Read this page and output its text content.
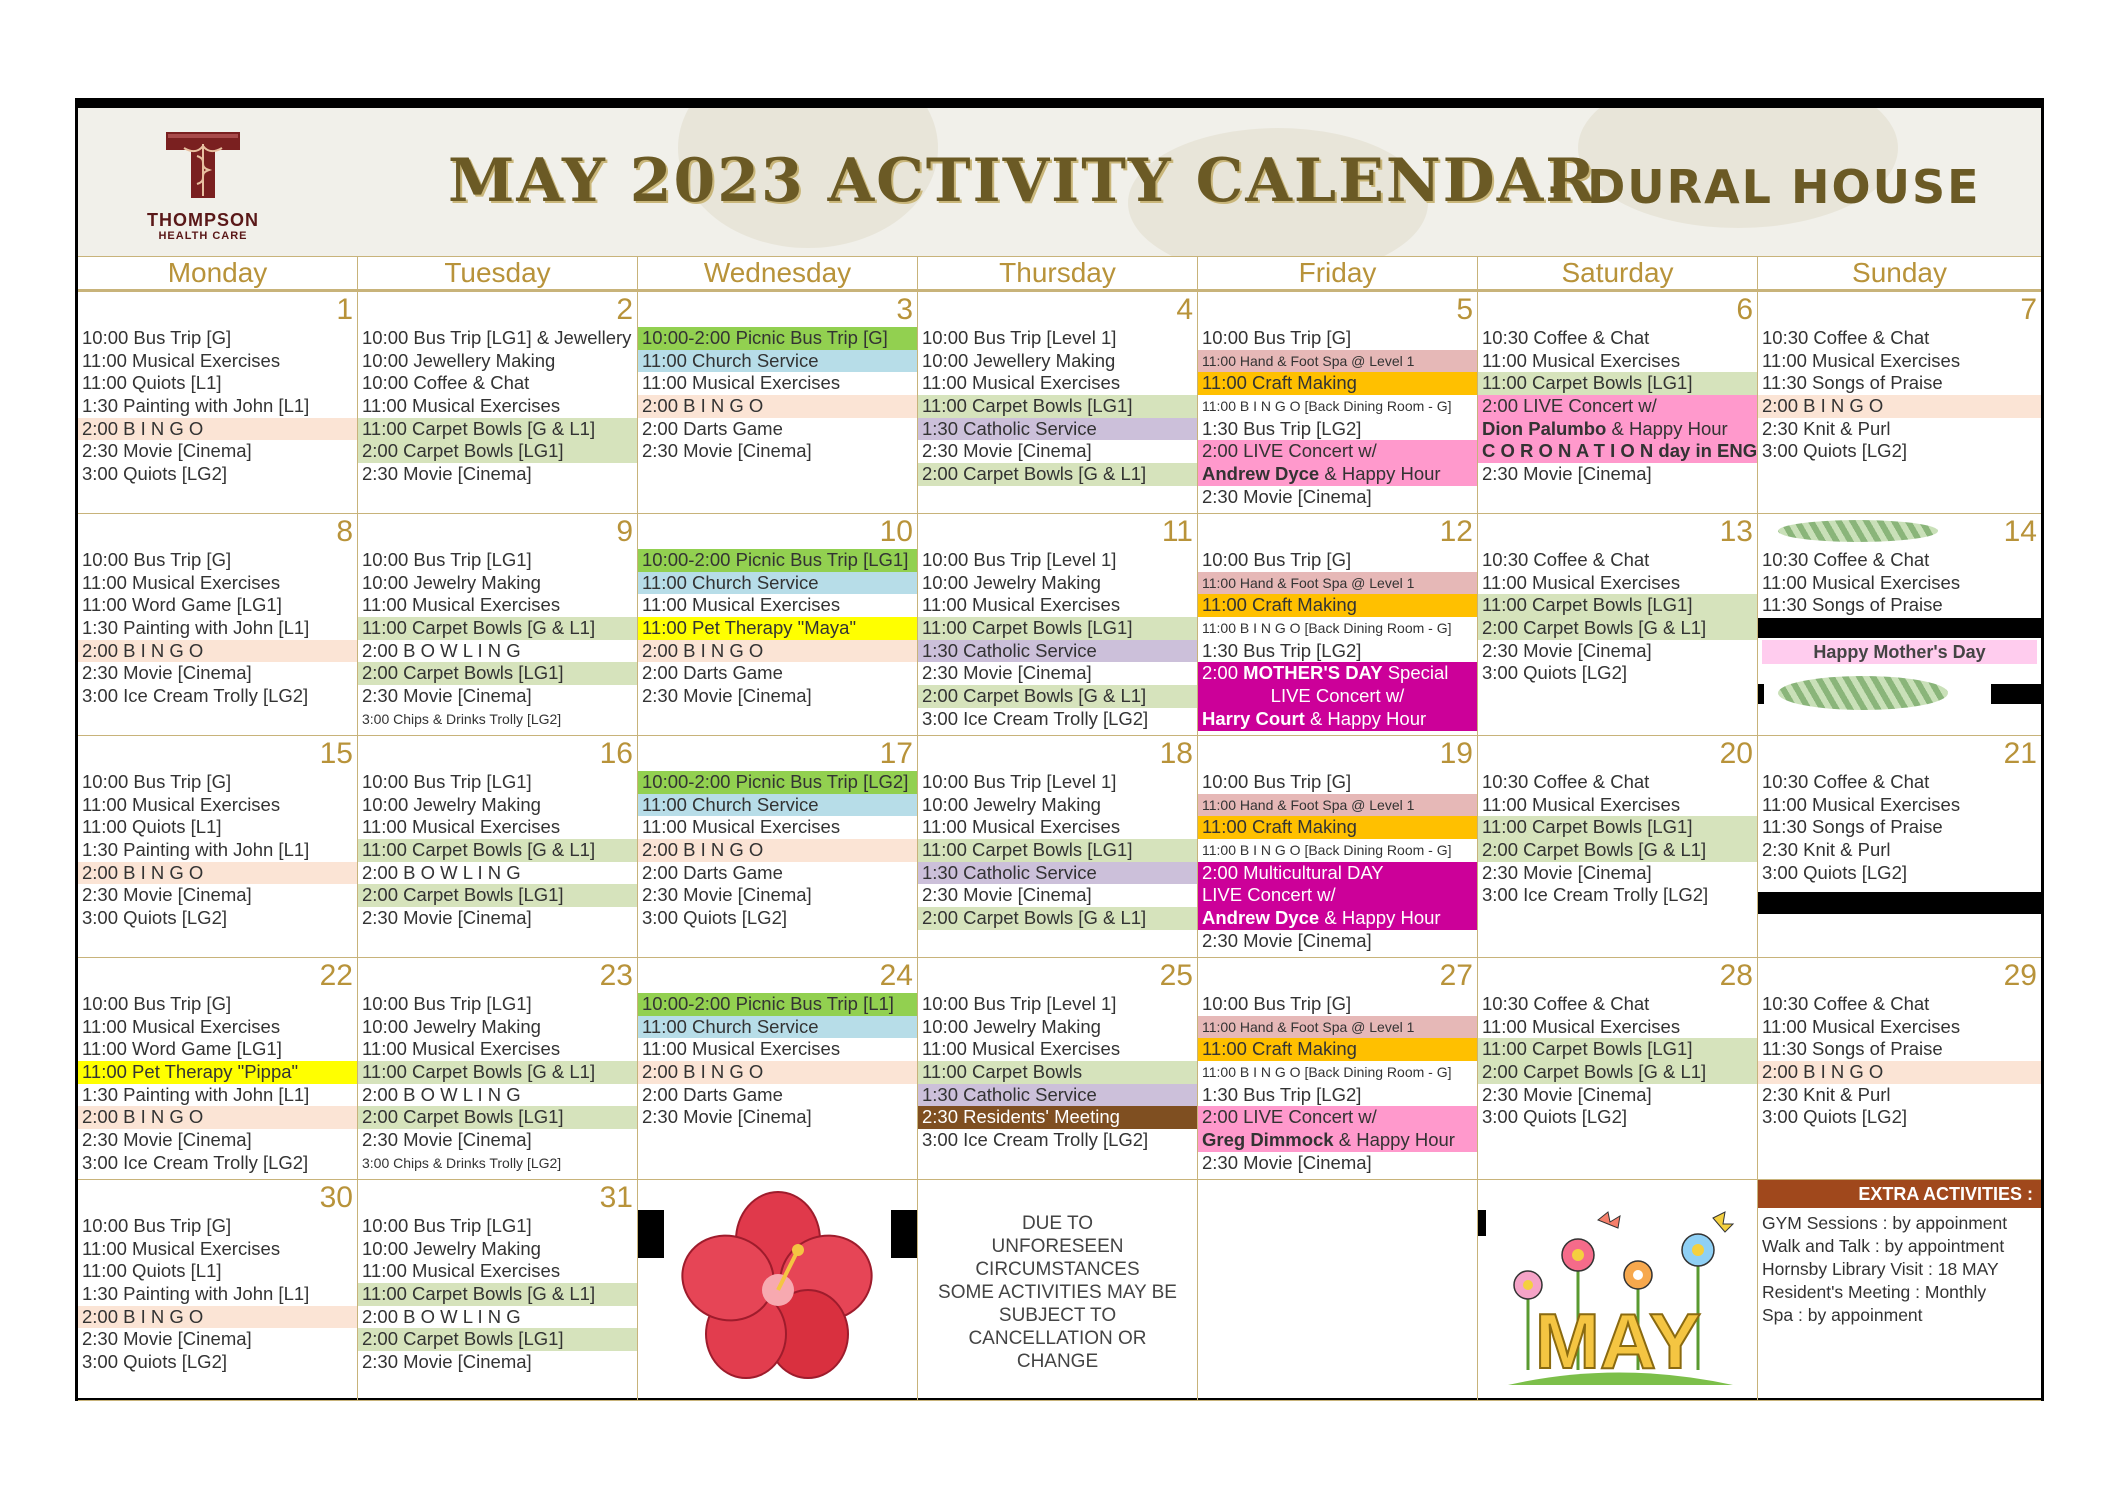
THOMPSON
HEALTH CARE
MAY 2023 ACTIVITY CALENDAR
- DURAL HOUSE
Monday	Tuesday	Wednesday	Thursday	Friday	Saturday	Sunday
1
10:00 Bus Trip [G]
11:00 Musical Exercises
11:00 Quiots [L1]
1:30 Painting with John [L1]
2:00 B I N G O
2:30 Movie [Cinema]
3:00 Quiots [LG2]
2
10:00 Bus Trip [LG1] & Jewellery
10:00 Jewellery Making
10:00 Coffee & Chat
11:00 Musical Exercises
11:00 Carpet Bowls [G & L1]
2:00 Carpet Bowls [LG1]
2:30 Movie [Cinema]
3
10:00-2:00 Picnic Bus Trip [G]
11:00 Church Service
11:00 Musical Exercises
2:00 B I N G O
2:00 Darts Game
2:30 Movie [Cinema]
4
10:00 Bus Trip [Level 1]
10:00 Jewellery Making
11:00 Musical Exercises
11:00 Carpet Bowls [LG1]
1:30 Catholic Service
2:30 Movie [Cinema]
2:00 Carpet Bowls [G & L1]
5
10:00 Bus Trip [G]
11:00 Hand & Foot Spa @ Level 1
11:00 Craft Making
11:00 B I N G O [Back Dining Room - G]
1:30 Bus Trip [LG2]
2:00 LIVE Concert w/
Andrew Dyce & Happy Hour
2:30 Movie [Cinema]
6
10:30 Coffee & Chat
11:00 Musical Exercises
11:00 Carpet Bowls [LG1]
2:00 LIVE Concert w/
Dion Palumbo & Happy Hour
C O R O N A T I O N day in ENG
2:30 Movie [Cinema]
7
10:30 Coffee & Chat
11:00 Musical Exercises
11:30 Songs of Praise
2:00 B I N G O
2:30 Knit & Purl
3:00 Quiots [LG2]
8
10:00 Bus Trip [G]
11:00 Musical Exercises
11:00 Word Game [LG1]
1:30 Painting with John [L1]
2:00 B I N G O
2:30 Movie [Cinema]
3:00 Ice Cream Trolly [LG2]
9
10:00 Bus Trip [LG1]
10:00 Jewelry Making
11:00 Musical Exercises
11:00 Carpet Bowls [G & L1]
2:00 B O W L I N G
2:00 Carpet Bowls [LG1]
2:30 Movie [Cinema]
3:00 Chips & Drinks Trolly [LG2]
10
10:00-2:00 Picnic Bus Trip [LG1]
11:00 Church Service
11:00 Musical Exercises
11:00 Pet Therapy "Maya"
2:00 B I N G O
2:00 Darts Game
2:30 Movie [Cinema]
11
10:00 Bus Trip [Level 1]
10:00 Jewelry Making
11:00 Musical Exercises
11:00 Carpet Bowls [LG1]
1:30 Catholic Service
2:30 Movie [Cinema]
2:00 Carpet Bowls [G & L1]
3:00 Ice Cream Trolly [LG2]
12
10:00 Bus Trip [G]
11:00 Hand & Foot Spa @ Level 1
11:00 Craft Making
11:00 B I N G O [Back Dining Room - G]
1:30 Bus Trip [LG2]
2:00 MOTHER'S DAY Special
LIVE Concert w/
Harry Court & Happy Hour
13
10:30 Coffee & Chat
11:00 Musical Exercises
11:00 Carpet Bowls [LG1]
2:00 Carpet Bowls [G & L1]
2:30 Movie [Cinema]
3:00 Quiots [LG2]
14
10:30 Coffee & Chat
11:00 Musical Exercises
11:30 Songs of Praise
Happy Mother's Day
15
10:00 Bus Trip [G]
11:00 Musical Exercises
11:00 Quiots [L1]
1:30 Painting with John [L1]
2:00 B I N G O
2:30 Movie [Cinema]
3:00 Quiots [LG2]
16
10:00 Bus Trip [LG1]
10:00 Jewelry Making
11:00 Musical Exercises
11:00 Carpet Bowls [G & L1]
2:00 B O W L I N G
2:00 Carpet Bowls [LG1]
2:30 Movie [Cinema]
17
10:00-2:00 Picnic Bus Trip [LG2]
11:00 Church Service
11:00 Musical Exercises
2:00 B I N G O
2:00 Darts Game
2:30 Movie [Cinema]
3:00 Quiots [LG2]
18
10:00 Bus Trip [Level 1]
10:00 Jewelry Making
11:00 Musical Exercises
11:00 Carpet Bowls [LG1]
1:30 Catholic Service
2:30 Movie [Cinema]
2:00 Carpet Bowls [G & L1]
19
10:00 Bus Trip [G]
11:00 Hand & Foot Spa @ Level 1
11:00 Craft Making
11:00 B I N G O [Back Dining Room - G]
2:00 Multicultural DAY
LIVE Concert w/
Andrew Dyce & Happy Hour
2:30 Movie [Cinema]
20
10:30 Coffee & Chat
11:00 Musical Exercises
11:00 Carpet Bowls [LG1]
2:00 Carpet Bowls [G & L1]
2:30 Movie [Cinema]
3:00 Ice Cream Trolly [LG2]
21
10:30 Coffee & Chat
11:00 Musical Exercises
11:30 Songs of Praise
2:30 Knit & Purl
3:00 Quiots [LG2]
22
10:00 Bus Trip [G]
11:00 Musical Exercises
11:00 Word Game [LG1]
11:00 Pet Therapy "Pippa"
1:30 Painting with John [L1]
2:00 B I N G O
2:30 Movie [Cinema]
3:00 Ice Cream Trolly [LG2]
23
10:00 Bus Trip [LG1]
10:00 Jewelry Making
11:00 Musical Exercises
11:00 Carpet Bowls [G & L1]
2:00 B O W L I N G
2:00 Carpet Bowls [LG1]
2:30 Movie [Cinema]
3:00 Chips & Drinks Trolly [LG2]
24
10:00-2:00 Picnic Bus Trip [L1]
11:00 Church Service
11:00 Musical Exercises
2:00 B I N G O
2:00 Darts Game
2:30 Movie [Cinema]
25
10:00 Bus Trip [Level 1]
10:00 Jewelry Making
11:00 Musical Exercises
11:00 Carpet Bowls
1:30 Catholic Service
2:30 Residents' Meeting
3:00 Ice Cream Trolly [LG2]
27
10:00 Bus Trip [G]
11:00 Hand & Foot Spa @ Level 1
11:00 Craft Making
11:00 B I N G O [Back Dining Room - G]
1:30 Bus Trip [LG2]
2:00 LIVE Concert w/
Greg Dimmock & Happy Hour
2:30 Movie [Cinema]
28
10:30 Coffee & Chat
11:00 Musical Exercises
11:00 Carpet Bowls [LG1]
2:00 Carpet Bowls [G & L1]
2:30 Movie [Cinema]
3:00 Quiots [LG2]
29
10:30 Coffee & Chat
11:00 Musical Exercises
11:30 Songs of Praise
2:00 B I N G O
2:30 Knit & Purl
3:00 Quiots [LG2]
30
10:00 Bus Trip [G]
11:00 Musical Exercises
11:00 Quiots [L1]
1:30 Painting with John [L1]
2:00 B I N G O
2:30 Movie [Cinema]
3:00 Quiots [LG2]
31
10:00 Bus Trip [LG1]
10:00 Jewelry Making
11:00 Musical Exercises
11:00 Carpet Bowls [G & L1]
2:00 B O W L I N G
2:00 Carpet Bowls [LG1]
2:30 Movie [Cinema]
DUE TO
UNFORESEEN
CIRCUMSTANCES
SOME ACTIVITIES MAY BE
SUBJECT TO
CANCELLATION OR
CHANGE	MAY
EXTRA ACTIVITIES :
GYM Sessions : by appoinment
Walk and Talk : by appointment
Hornsby Library Visit : 18 MAY
Resident's Meeting : Monthly
Spa : by appoinment
